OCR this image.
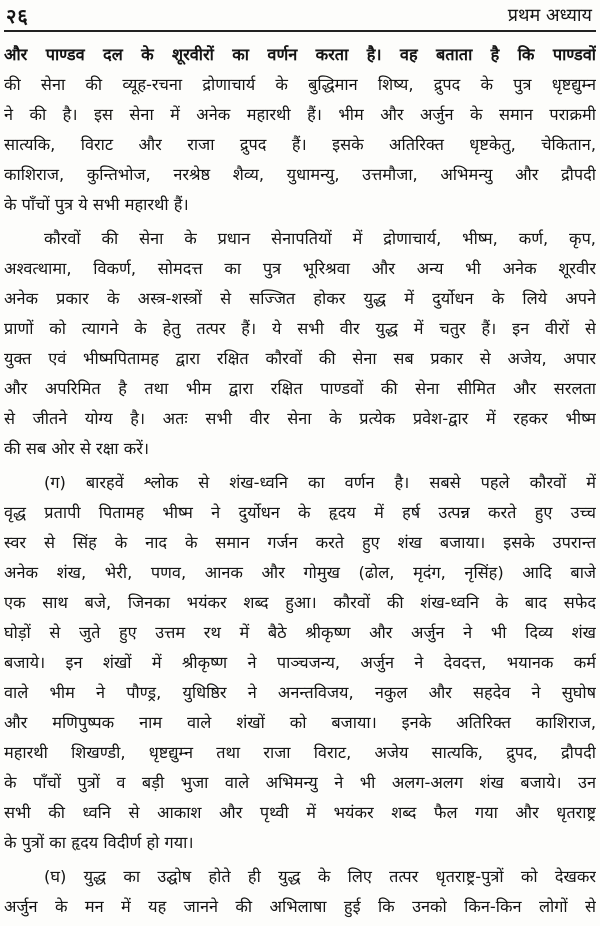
२६	प्रथम अध्याय
और पाण्डव दल के शूरवीरों का वर्णन करता है। वह बताता है कि पाण्डवों
की सेना की व्यूह-रचना द्रोणाचार्य के बुद्धिमान शिष्य, द्रुपद के पुत्र धृष्टद्युम्न
ने की है। इस सेना में अनेक महारथी हैं। भीम और अर्जुन के समान पराक्रमी
सात्यकि, विराट और राजा द्रुपद हैं। इसके अतिरिक्त धृष्टकेतु, चेकितान,
काशिराज, कुन्तिभोज, नरश्रेष्ठ शैव्य, युधामन्यु, उत्तमौजा, अभिमन्यु और द्रौपदी
के पाँचों पुत्र ये सभी महारथी हैं।
कौरवों की सेना के प्रधान सेनापतियों में द्रोणाचार्य, भीष्म, कर्ण, कृप,
अश्वत्थामा, विकर्ण, सोमदत्त का पुत्र भूरिश्रवा और अन्य भी अनेक शूरवीर
अनेक प्रकार के अस्त्र-शस्त्रों से सज्जित होकर युद्ध में दुर्योधन के लिये अपने
प्राणों को त्यागने के हेतु तत्पर हैं। ये सभी वीर युद्ध में चतुर हैं। इन वीरों से
युक्त एवं भीष्मपितामह द्वारा रक्षित कौरवों की सेना सब प्रकार से अजेय, अपार
और अपरिमित है तथा भीम द्वारा रक्षित पाण्डवों की सेना सीमित और सरलता
से जीतने योग्य है। अतः सभी वीर सेना के प्रत्येक प्रवेश-द्वार में रहकर भीष्म
की सब ओर से रक्षा करें।
(ग) बारहवें श्लोक से शंख-ध्वनि का वर्णन है। सबसे पहले कौरवों में
वृद्ध प्रतापी पितामह भीष्म ने दुर्योधन के हृदय में हर्ष उत्पन्न करते हुए उच्च
स्वर से सिंह के नाद के समान गर्जन करते हुए शंख बजाया। इसके उपरान्त
अनेक शंख, भेरी, पणव, आनक और गोमुख (ढोल, मृदंग, नृसिंह) आदि बाजे
एक साथ बजे, जिनका भयंकर शब्द हुआ। कौरवों की शंख-ध्वनि के बाद सफेद
घोड़ों से जुते हुए उत्तम रथ में बैठे श्रीकृष्ण और अर्जुन ने भी दिव्य शंख
बजाये। इन शंखों में श्रीकृष्ण ने पाञ्चजन्य, अर्जुन ने देवदत्त, भयानक कर्म
वाले भीम ने पौण्ड्र, युधिष्ठिर ने अनन्तविजय, नकुल और सहदेव ने सुघोष
और मणिपुष्पक नाम वाले शंखों को बजाया। इनके अतिरिक्त काशिराज,
महारथी शिखण्डी, धृष्टद्युम्न तथा राजा विराट, अजेय सात्यकि, द्रुपद, द्रौपदी
के पाँचों पुत्रों व बड़ी भुजा वाले अभिमन्यु ने भी अलग-अलग शंख बजाये। उन
सभी की ध्वनि से आकाश और पृथ्वी में भयंकर शब्द फैल गया और धृतराष्ट्र
के पुत्रों का हृदय विदीर्ण हो गया।
(घ) युद्ध का उद्घोष होते ही युद्ध के लिए तत्पर धृतराष्ट्र-पुत्रों को देखकर
अर्जुन के मन में यह जानने की अभिलाषा हुई कि उनको किन-किन लोगों से
